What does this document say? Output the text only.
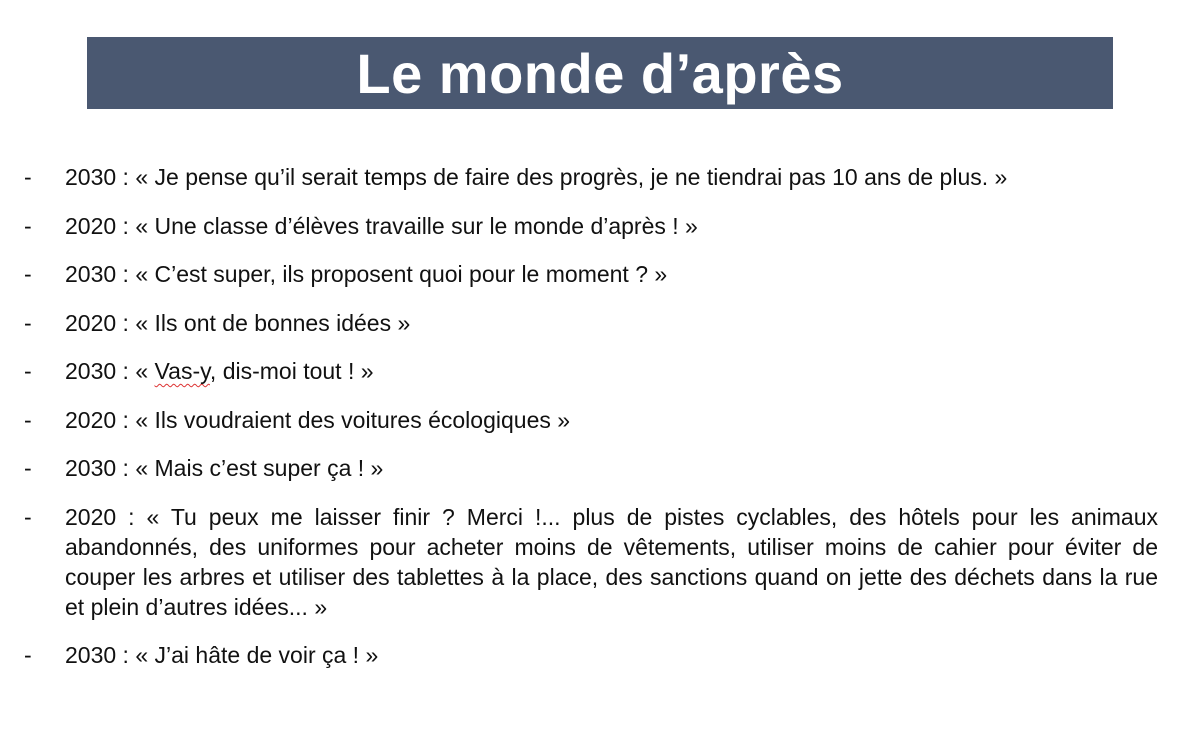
Le monde d’après
- 2030 : « Je pense qu’il serait temps de faire des progrès, je ne tiendrai pas 10 ans de plus. »
- 2020 : « Une classe d’élèves travaille sur le monde d’après ! »
- 2030 : « C’est super, ils proposent quoi pour le moment ? »
- 2020 : « Ils ont de bonnes idées »
- 2030 : « Vas-y, dis-moi tout ! »
- 2020 : « Ils voudraient des voitures écologiques »
- 2030 : « Mais c’est super ça ! »
- 2020 : « Tu peux me laisser finir ? Merci !... plus de pistes cyclables, des hôtels pour les animaux abandonnés, des uniformes pour acheter moins de vêtements, utiliser moins de cahier pour éviter de couper les arbres et utiliser des tablettes à la place, des sanctions quand on jette des déchets dans la rue et plein d’autres idées... »
- 2030 : « J’ai hâte de voir ça ! »
